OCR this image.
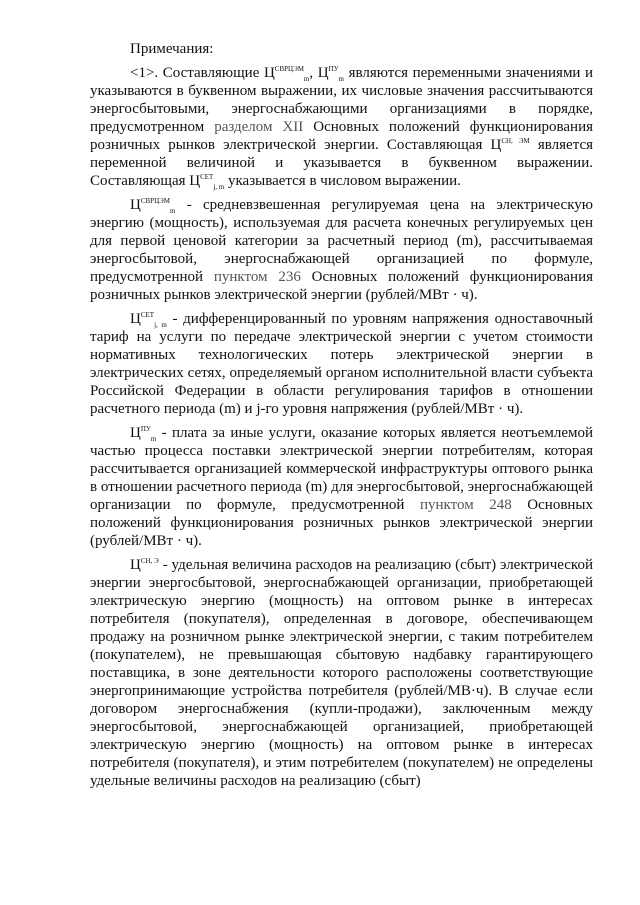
Примечания:

<1>. Составляющие $Ц^{СВРЦЭМ}_m$, $Ц^{ПУ}_m$ являются переменными значениями и указываются в буквенном выражении, их числовые значения рассчитываются энергосбытовыми, энергоснабжающими организациями в порядке, предусмотренном разделом XII Основных положений функционирования розничных рынков электрической энергии. Составляющая $Ц^{СН, ЭМ}$ является переменной величиной и указывается в буквенном выражении. Составляющая $Ц^{СЕТ}_{j, m}$ указывается в числовом выражении.

$Ц^{СВРЦЭМ}_m$ - средневзвешенная регулируемая цена на электрическую энергию (мощность), используемая для расчета конечных регулируемых цен для первой ценовой категории за расчетный период (m), рассчитываемая энергосбытовой, энергоснабжающей организацией по формуле, предусмотренной пунктом 236 Основных положений функционирования розничных рынков электрической энергии (рублей/МВт · ч).

$Ц^{СЕТ}_{j, m}$ - дифференцированный по уровням напряжения одноставочный тариф на услуги по передаче электрической энергии с учетом стоимости нормативных технологических потерь электрической энергии в электрических сетях, определяемый органом исполнительной власти субъекта Российской Федерации в области регулирования тарифов в отношении расчетного периода (m) и j-го уровня напряжения (рублей/МВт · ч).

$Ц^{ПУ}_m$ - плата за иные услуги, оказание которых является неотъемлемой частью процесса поставки электрической энергии потребителям, которая рассчитывается организацией коммерческой инфраструктуры оптового рынка в отношении расчетного периода (m) для энергосбытовой, энергоснабжающей организации по формуле, предусмотренной пунктом 248 Основных положений функционирования розничных рынков электрической энергии (рублей/МВт · ч).

$Ц^{СН, Э}$ - удельная величина расходов на реализацию (сбыт) электрической энергии энергосбытовой, энергоснабжающей организации, приобретающей электрическую энергию (мощность) на оптовом рынке в интересах потребителя (покупателя), определенная в договоре, обеспечивающем продажу на розничном рынке электрической энергии, с таким потребителем (покупателем), не превышающая сбытовую надбавку гарантирующего поставщика, в зоне деятельности которого расположены соответствующие энергопринимающие устройства потребителя (рублей/МВ·ч). В случае если договором энергоснабжения (купли-продажи), заключенным между энергосбытовой, энергоснабжающей организацией, приобретающей электрическую энергию (мощность) на оптовом рынке в интересах потребителя (покупателя), и этим потребителем (покупателем) не определены удельные величины расходов на реализацию (сбыт)
